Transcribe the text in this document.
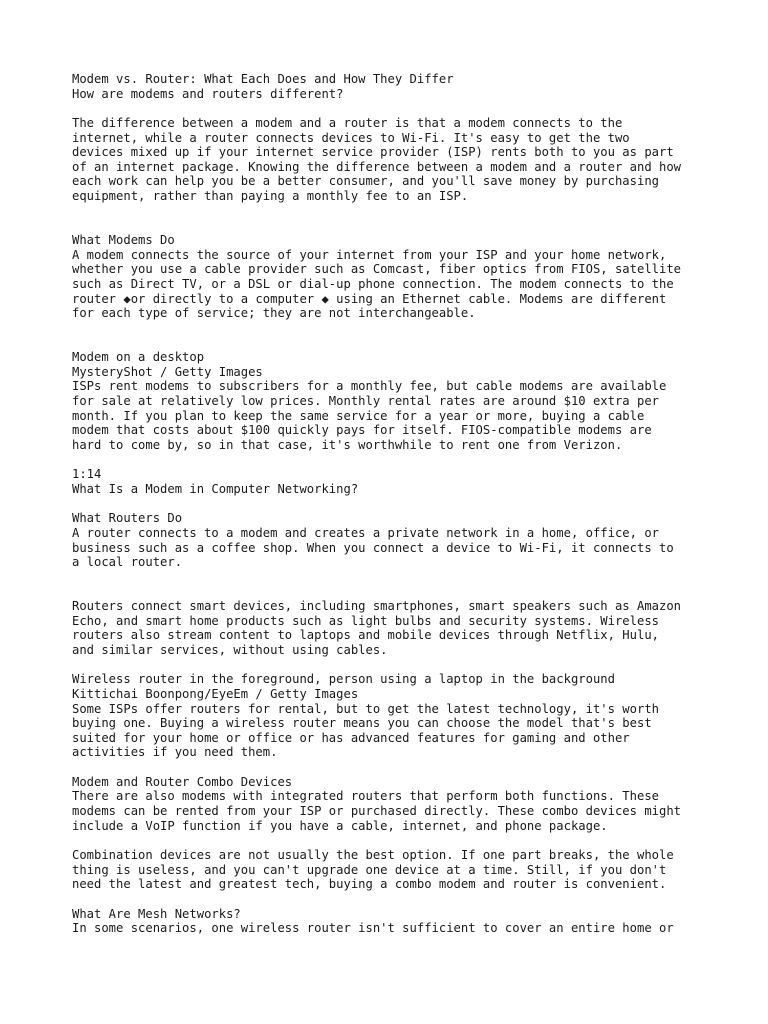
Modem vs. Router: What Each Does and How They Differ
How are modems and routers different?
The difference between a modem and a router is that a modem connects to the
internet, while a router connects devices to Wi-Fi. It's easy to get the two
devices mixed up if your internet service provider (ISP) rents both to you as part
of an internet package. Knowing the difference between a modem and a router and how
each work can help you be a better consumer, and you'll save money by purchasing
equipment, rather than paying a monthly fee to an ISP.
What Modems Do
A modem connects the source of your internet from your ISP and your home network,
whether you use a cable provider such as Comcast, fiber optics from FIOS, satellite
such as Direct TV, or a DSL or dial-up phone connection. The modem connects to the
router ◆or directly to a computer ◆ using an Ethernet cable. Modems are different
for each type of service; they are not interchangeable.
Modem on a desktop
MysteryShot / Getty Images
ISPs rent modems to subscribers for a monthly fee, but cable modems are available
for sale at relatively low prices. Monthly rental rates are around $10 extra per
month. If you plan to keep the same service for a year or more, buying a cable
modem that costs about $100 quickly pays for itself. FIOS-compatible modems are
hard to come by, so in that case, it's worthwhile to rent one from Verizon.
1:14
What Is a Modem in Computer Networking?
What Routers Do
A router connects to a modem and creates a private network in a home, office, or
business such as a coffee shop. When you connect a device to Wi-Fi, it connects to
a local router.
Routers connect smart devices, including smartphones, smart speakers such as Amazon
Echo, and smart home products such as light bulbs and security systems. Wireless
routers also stream content to laptops and mobile devices through Netflix, Hulu,
and similar services, without using cables.
Wireless router in the foreground, person using a laptop in the background
Kittichai Boonpong/EyeEm / Getty Images
Some ISPs offer routers for rental, but to get the latest technology, it's worth
buying one. Buying a wireless router means you can choose the model that's best
suited for your home or office or has advanced features for gaming and other
activities if you need them.
Modem and Router Combo Devices
There are also modems with integrated routers that perform both functions. These
modems can be rented from your ISP or purchased directly. These combo devices might
include a VoIP function if you have a cable, internet, and phone package.
Combination devices are not usually the best option. If one part breaks, the whole
thing is useless, and you can't upgrade one device at a time. Still, if you don't
need the latest and greatest tech, buying a combo modem and router is convenient.
What Are Mesh Networks?
In some scenarios, one wireless router isn't sufficient to cover an entire home or
